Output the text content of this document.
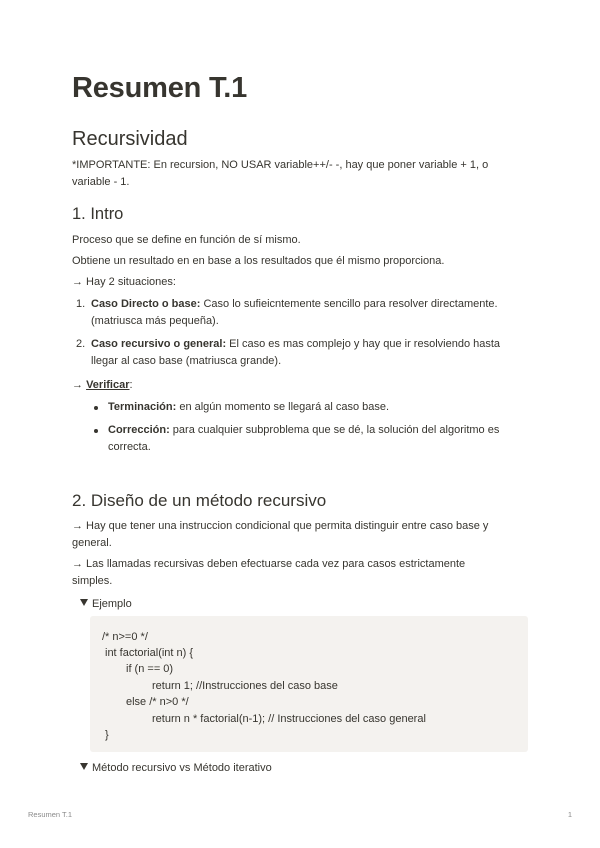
Resumen T.1
Recursividad

*IMPORTANTE: En recursion, NO USAR variable++/- -, hay que poner variable + 1, o

variable - 1.

1. Intro

Proceso que se define en función de sí mismo.

Obtiene un resultado en en base a los resultados que él mismo proporciona.

→ Hay 2 situaciones:

1. Caso Directo o base: Caso lo sufieicntemente sencillo para resolver directamente.
(matriusca más pequeña).
2. Caso recursivo o general: El caso es mas complejo y hay que ir resolviendo hasta
llegar al caso base (matriusca grande).

→ Verificar:

Terminación: en algún momento se llegará al caso base.
Corrección: para cualquier subproblema que se dé, la solución del algoritmo es
correcta.
2. Diseño de un método recursivo

→ Hay que tener una instruccion condicional que permita distinguir entre caso base y

general.

→ Las llamadas recursivas deben efectuarse cada vez para casos estrictamente

simples.

Ejemplo
/* n>=0 */
int factorial(int n) {
if (n == 0)
return 1; //Instrucciones del caso base
else /* n>0 */
return n * factorial(n-1); // Instrucciones del caso general
}
Método recursivo vs Método iterativo
Resumen T.1	1
